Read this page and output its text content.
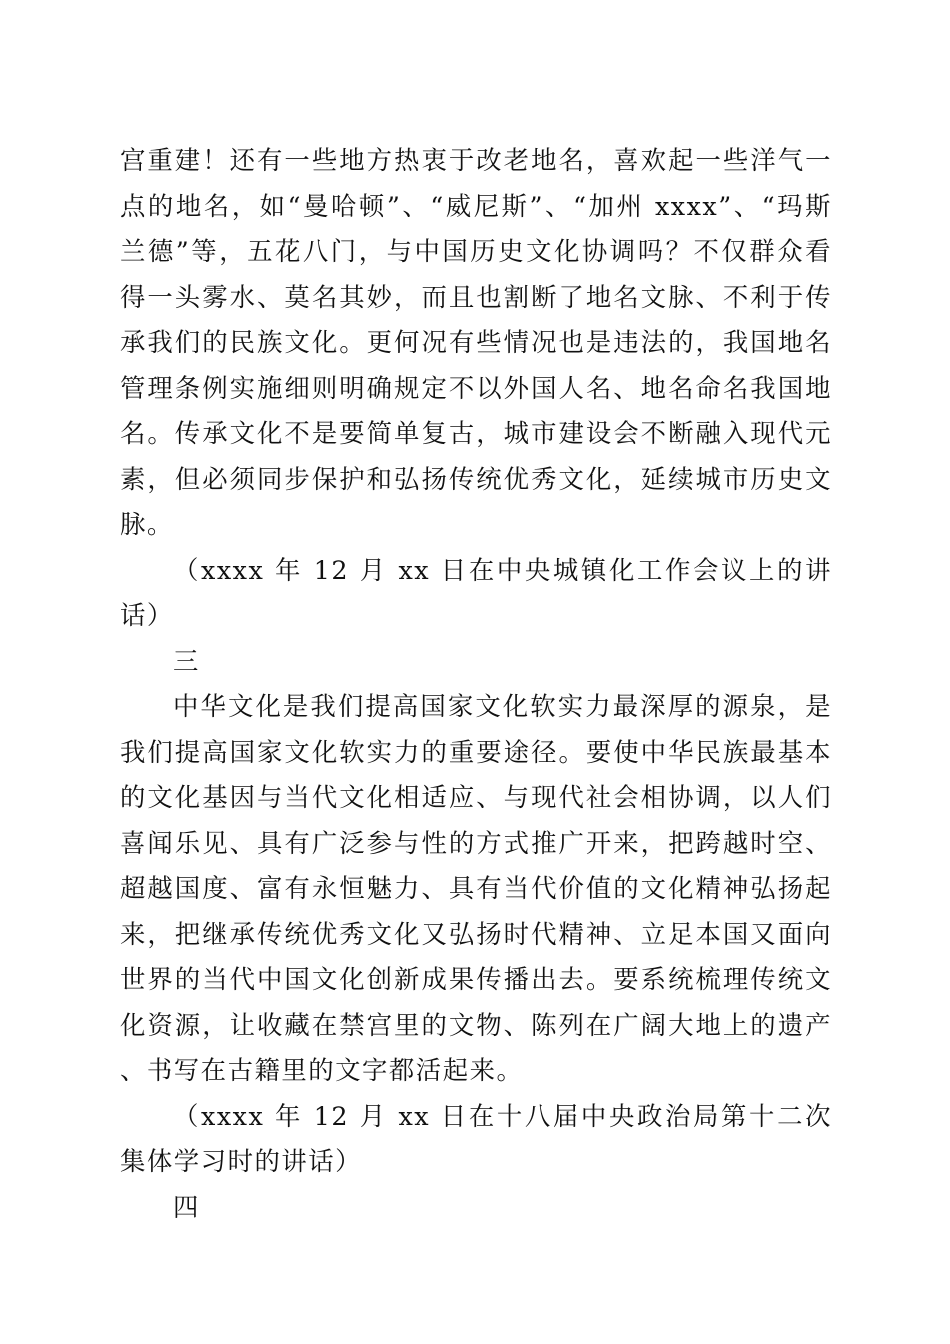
宫重建！还有一些地方热衷于改老地名，喜欢起一些洋气一点的地名，如“曼哈顿”、“威尼斯”、“加州 xxxx”、“玛斯兰德”等，五花八门，与中国历史文化协调吗？不仅群众看得一头雾水、莫名其妙，而且也割断了地名文脉、不利于传承我们的民族文化。更何况有些情况也是违法的，我国地名管理条例实施细则明确规定不以外国人名、地名命名我国地名。传承文化不是要简单复古，城市建设会不断融入现代元素，但必须同步保护和弘扬传统优秀文化，延续城市历史文脉。

（xxxx 年 12 月 xx 日在中央城镇化工作会议上的讲话）

三

中华文化是我们提高国家文化软实力最深厚的源泉，是我们提高国家文化软实力的重要途径。要使中华民族最基本的文化基因与当代文化相适应、与现代社会相协调，以人们喜闻乐见、具有广泛参与性的方式推广开来，把跨越时空、超越国度、富有永恒魅力、具有当代价值的文化精神弘扬起来，把继承传统优秀文化又弘扬时代精神、立足本国又面向世界的当代中国文化创新成果传播出去。要系统梳理传统文化资源，让收藏在禁宫里的文物、陈列在广阔大地上的遗产、书写在古籍里的文字都活起来。

（xxxx 年 12 月 xx 日在十八届中央政治局第十二次集体学习时的讲话）

四
